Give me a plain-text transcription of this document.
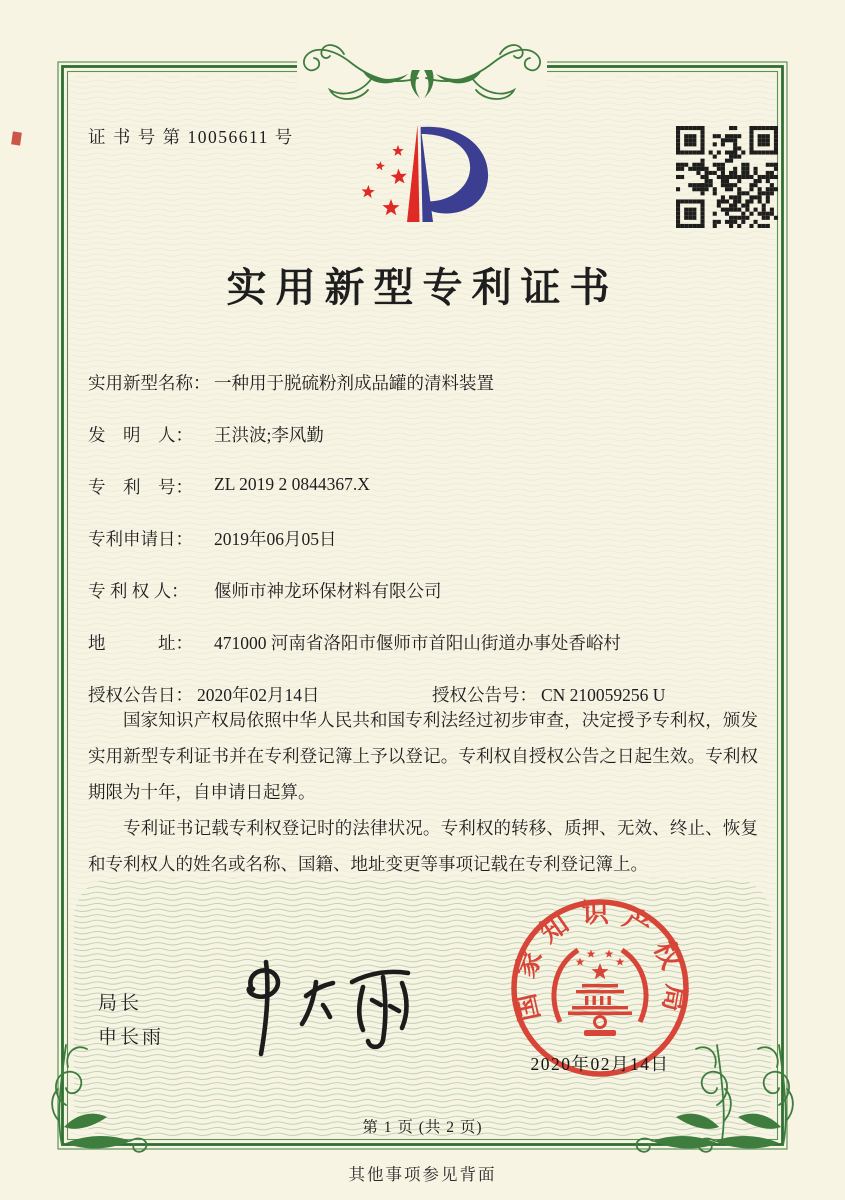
证 书 号 第 10056611 号
实用新型专利证书
实用新型名称： 一种用于脱硫粉剂成品罐的清料装置
发　明　人：	王洪波;李风勤
专　利　号：	ZL 2019 2 0844367.X
专利申请日：	2019年06月05日
专 利 权 人：	偃师市神龙环保材料有限公司
地　　　址：	471000 河南省洛阳市偃师市首阳山街道办事处香峪村
授权公告日： 2020年02月14日	授权公告号： CN 210059256 U

国家知识产权局依照中华人民共和国专利法经过初步审查，决定授予专利权，颁发实用新型专利证书并在专利登记簿上予以登记。专利权自授权公告之日起生效。专利权期限为十年，自申请日起算。

专利证书记载专利权登记时的法律状况。专利权的转移、质押、无效、终止、恢复和专利权人的姓名或名称、国籍、地址变更等事项记载在专利登记簿上。

局长
申长雨
国家知识产权局
2020年02月14日
第 1 页 (共 2 页)
其他事项参见背面
